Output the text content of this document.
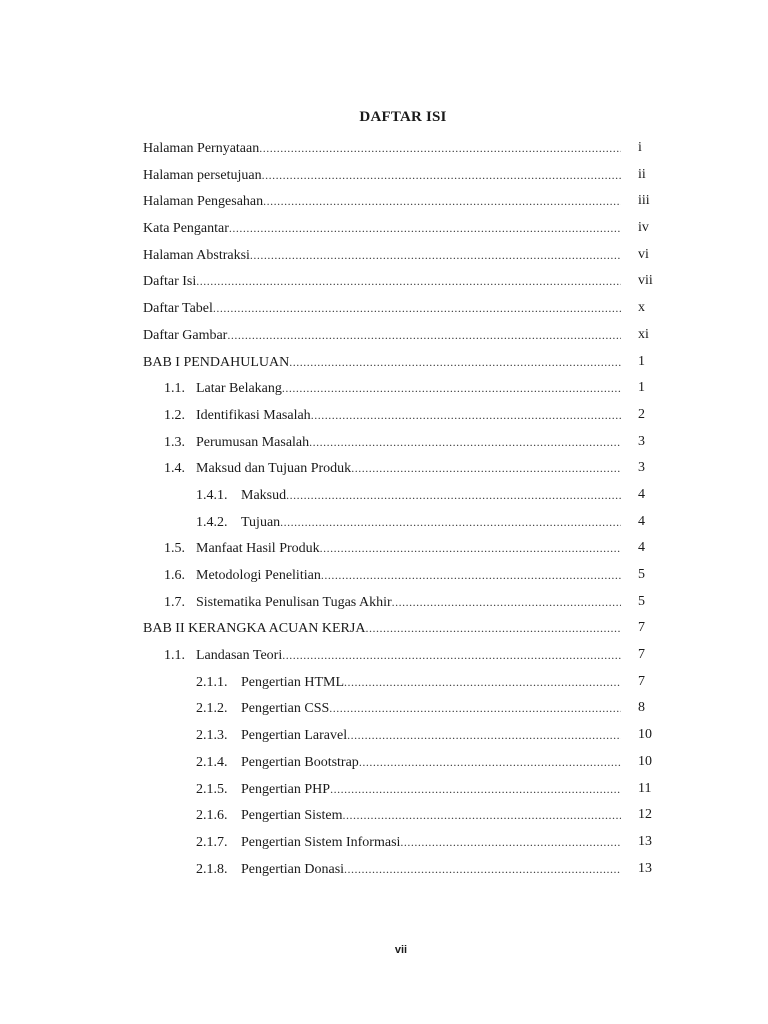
DAFTAR ISI
Halaman Pernyataan .....	i
Halaman persetujuan .....	ii
Halaman Pengesahan .....	iii
Kata Pengantar .....	iv
Halaman Abstraksi .....	vi
Daftar Isi .....	vii
Daftar Tabel .....	x
Daftar Gambar .....	xi
BAB I PENDAHULUAN .....	1
1.1. Latar Belakang .....	1
1.2. Identifikasi Masalah .....	2
1.3. Perumusan Masalah .....	3
1.4. Maksud dan Tujuan Produk .....	3
1.4.1. Maksud .....	4
1.4.2. Tujuan .....	4
1.5. Manfaat Hasil Produk .....	4
1.6. Metodologi Penelitian .....	5
1.7. Sistematika Penulisan Tugas Akhir .....	5
BAB II KERANGKA ACUAN KERJA .....	7
1.1. Landasan Teori .....	7
2.1.1. Pengertian HTML .....	7
2.1.2. Pengertian CSS .....	8
2.1.3. Pengertian Laravel .....	10
2.1.4. Pengertian Bootstrap .....	10
2.1.5. Pengertian PHP .....	11
2.1.6. Pengertian Sistem .....	12
2.1.7. Pengertian Sistem Informasi .....	13
2.1.8. Pengertian Donasi .....	13
vii
